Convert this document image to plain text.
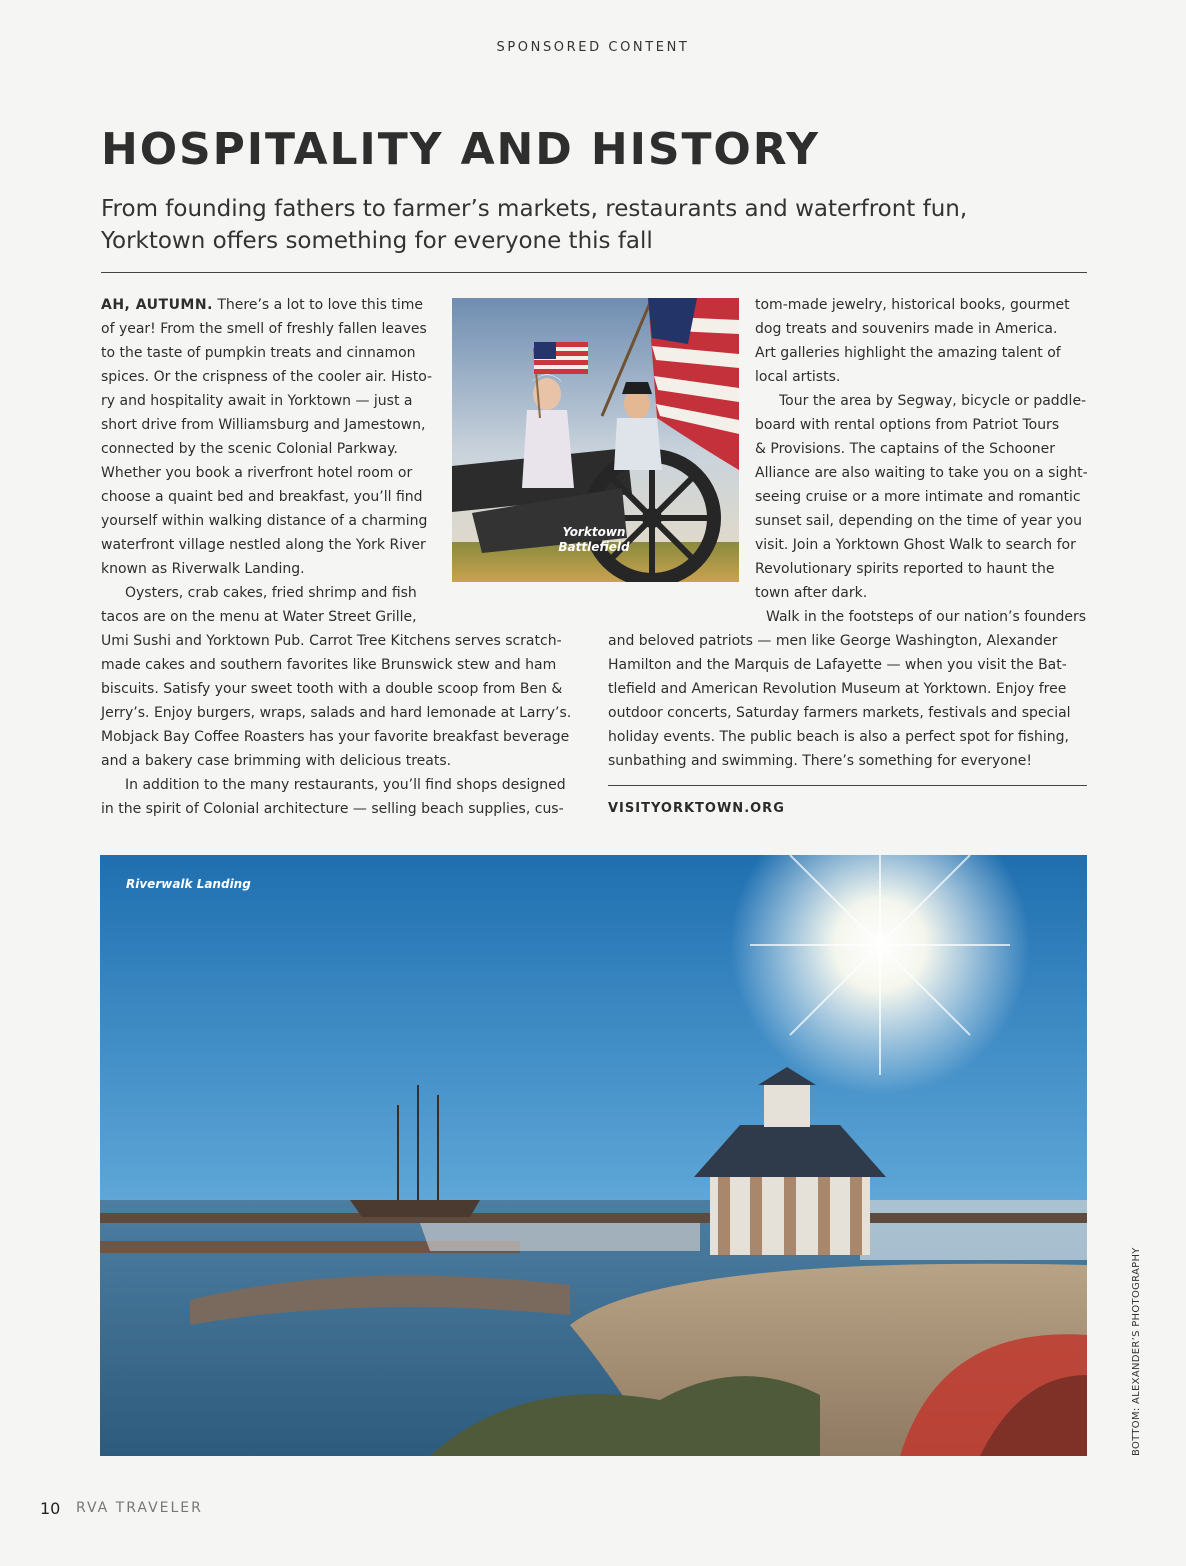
SPONSORED CONTENT
HOSPITALITY AND HISTORY
From founding fathers to farmer’s markets, restaurants and waterfront fun,
Yorktown offers something for everyone this fall
AH, AUTUMN. There’s a lot to love this time
of year! From the smell of freshly fallen leaves
to the taste of pumpkin treats and cinnamon
spices. Or the crispness of the cooler air. Histo-
ry and hospitality await in Yorktown — just a
short drive from Williamsburg and Jamestown,
connected by the scenic Colonial Parkway.
Whether you book a riverfront hotel room or
choose a quaint bed and breakfast, you’ll find
yourself within walking distance of a charming
waterfront village nestled along the York River
known as Riverwalk Landing.
Oysters, crab cakes, fried shrimp and fish
tacos are on the menu at Water Street Grille,
Umi Sushi and Yorktown Pub. Carrot Tree Kitchens serves scratch-
made cakes and southern favorites like Brunswick stew and ham
biscuits. Satisfy your sweet tooth with a double scoop from Ben &
Jerry’s. Enjoy burgers, wraps, salads and hard lemonade at Larry’s.
Mobjack Bay Coffee Roasters has your favorite breakfast beverage
and a bakery case brimming with delicious treats.
In addition to the many restaurants, you’ll find shops designed
in the spirit of Colonial architecture — selling beach supplies, cus-
tom-made jewelry, historical books, gourmet
dog treats and souvenirs made in America.
Art galleries highlight the amazing talent of
local artists.
Tour the area by Segway, bicycle or paddle-
board with rental options from Patriot Tours
& Provisions. The captains of the Schooner
Alliance are also waiting to take you on a sight-
seeing cruise or a more intimate and romantic
sunset sail, depending on the time of year you
visit. Join a Yorktown Ghost Walk to search for
Revolutionary spirits reported to haunt the
town after dark.
Walk in the footsteps of our nation’s founders
and beloved patriots — men like George Washington, Alexander
Hamilton and the Marquis de Lafayette — when you visit the Bat-
tlefield and American Revolution Museum at Yorktown. Enjoy free
outdoor concerts, Saturday farmers markets, festivals and special
holiday events. The public beach is also a perfect spot for fishing,
sunbathing and swimming. There’s something for everyone!
VISITYORKTOWN.ORG
Yorktown
Battlefield
Riverwalk Landing
BOTTOM: ALEXANDER’S PHOTOGRAPHY
10 RVA TRAVELER
